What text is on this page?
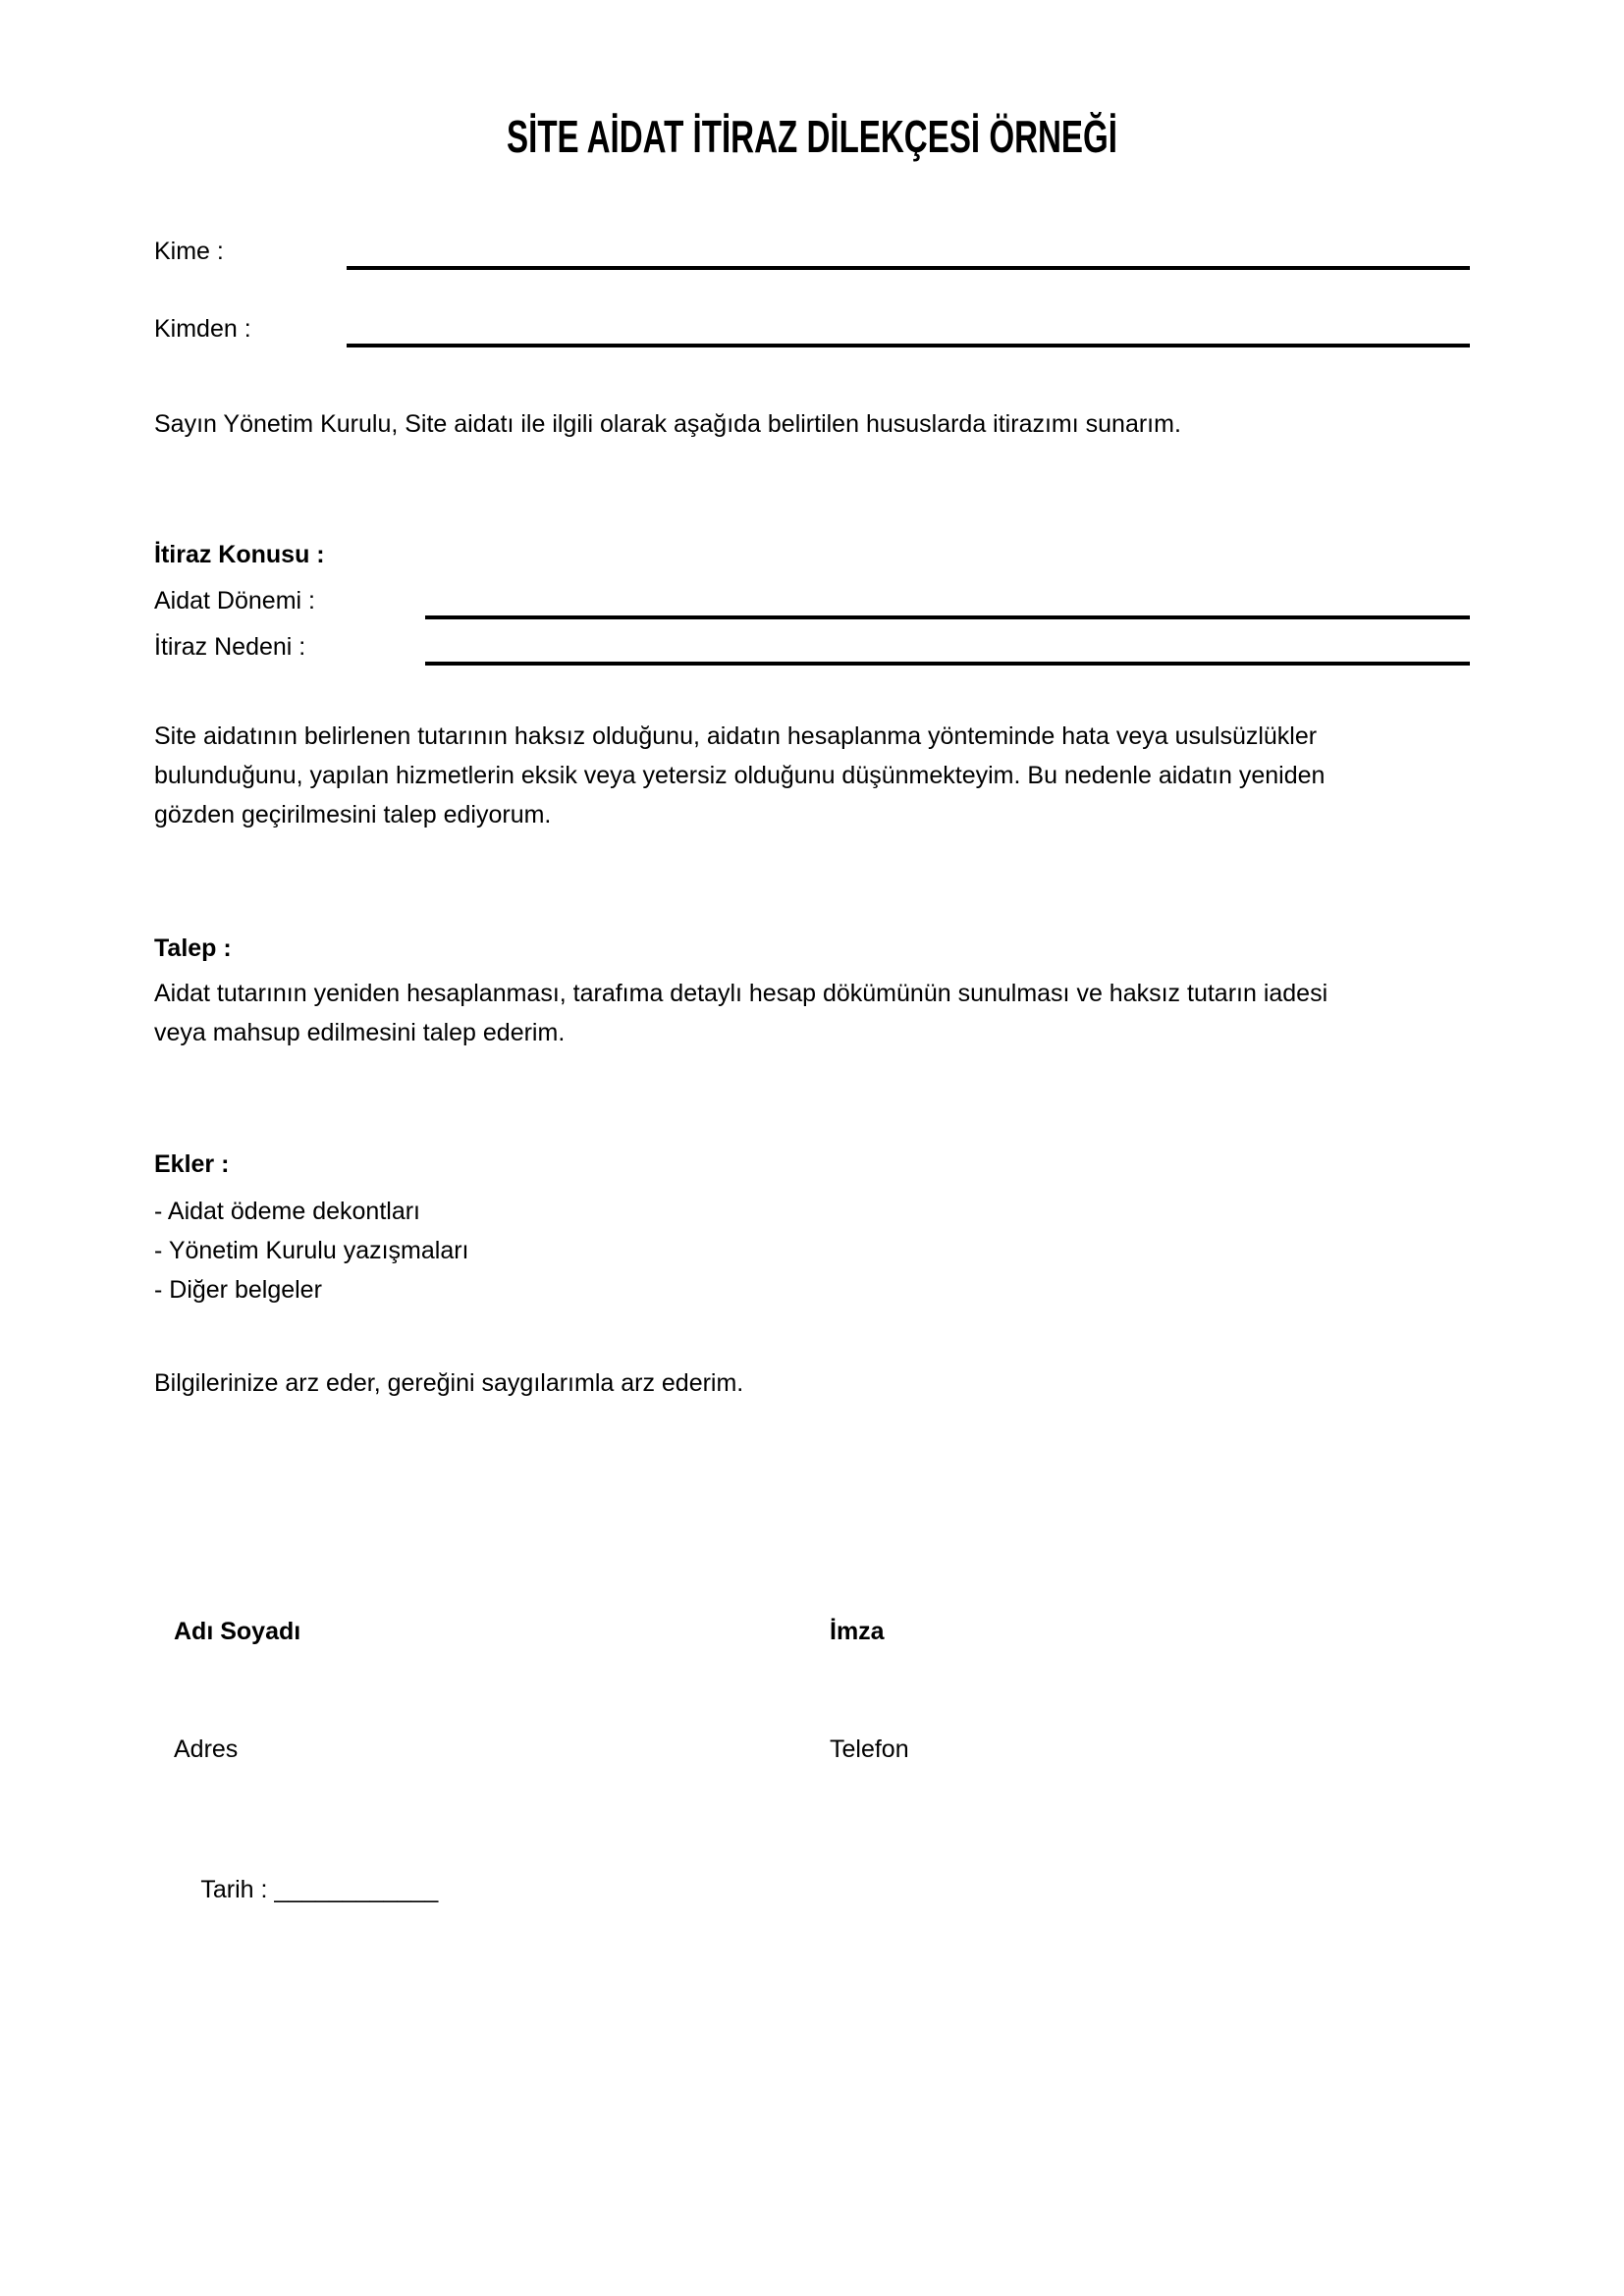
SİTE AİDAT İTİRAZ DİLEKÇESİ ÖRNEĞİ
Kime :
Kimden :
Sayın Yönetim Kurulu, Site aidatı ile ilgili olarak aşağıda belirtilen hususlarda itirazımı sunarım.
İtiraz Konusu :
Aidat Dönemi :
İtiraz Nedeni :
Site aidatının belirlenen tutarının haksız olduğunu, aidatın hesaplanma yönteminde hata veya usulsüzlükler
bulunduğunu, yapılan hizmetlerin eksik veya yetersiz olduğunu düşünmekteyim. Bu nedenle aidatın yeniden
gözden geçirilmesini talep ediyorum.
Talep :
Aidat tutarının yeniden hesaplanması, tarafıma detaylı hesap dökümünün sunulması ve haksız tutarın iadesi
veya mahsup edilmesini talep ederim.
Ekler :
- Aidat ödeme dekontları
- Yönetim Kurulu yazışmaları
- Diğer belgeler
Bilgilerinize arz eder, gereğini saygılarımla arz ederim.
Adı Soyadı	İmza
Adres	Telefon

Tarih : ____________
